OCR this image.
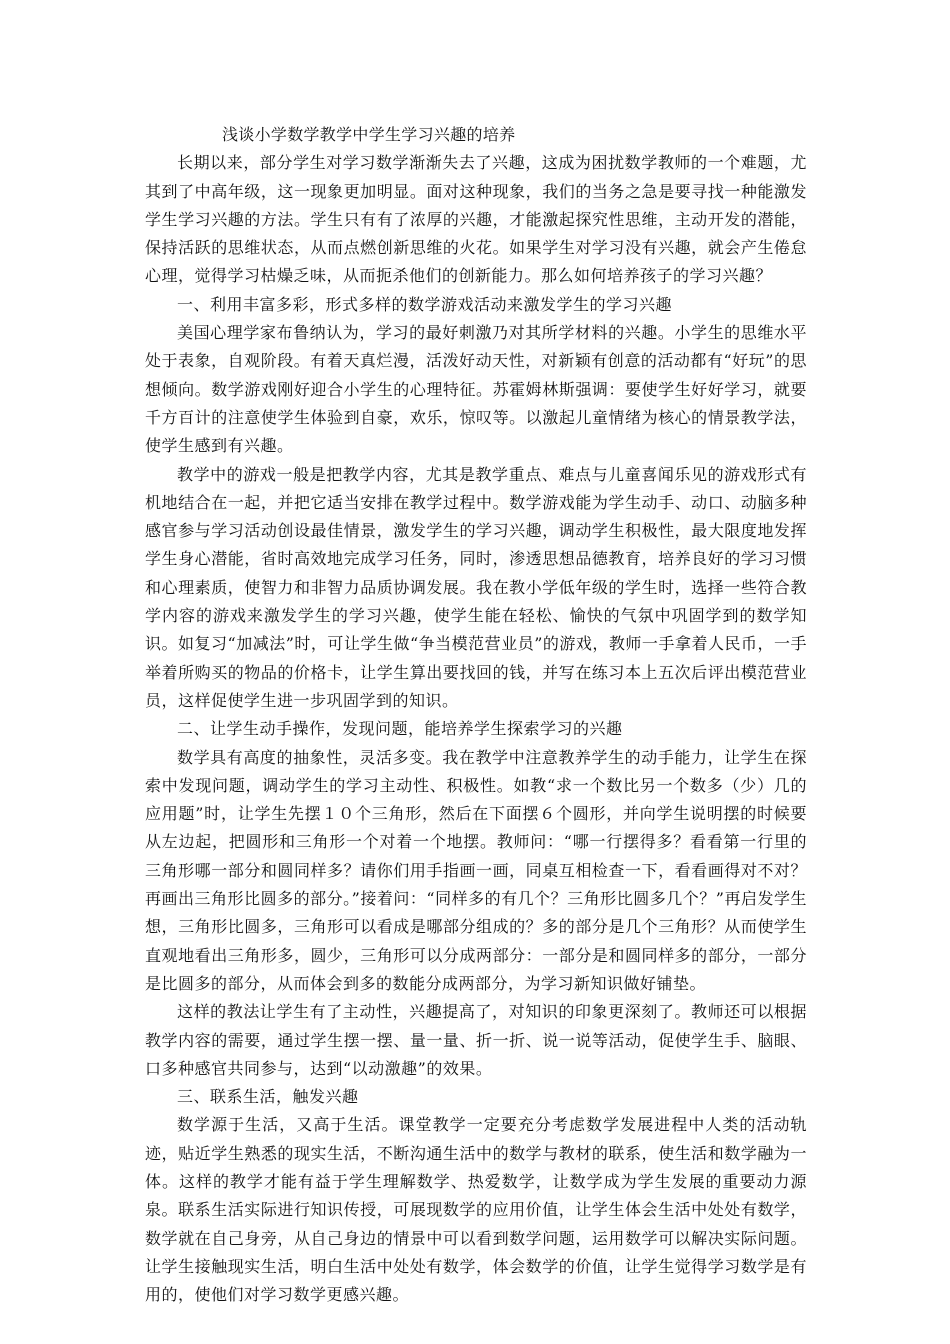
浅谈小学数学教学中学生学习兴趣的培养

长期以来，部分学生对学习数学渐渐失去了兴趣，这成为困扰数学教师的一个难题，尤其到了中高年级，这一现象更加明显。面对这种现象，我们的当务之急是要寻找一种能激发学生学习兴趣的方法。学生只有有了浓厚的兴趣，才能激起探究性思维，主动开发的潜能，保持活跃的思维状态，从而点燃创新思维的火花。如果学生对学习没有兴趣，就会产生倦怠心理，觉得学习枯燥乏味，从而扼杀他们的创新能力。那么如何培养孩子的学习兴趣？

一、利用丰富多彩，形式多样的数学游戏活动来激发学生的学习兴趣

美国心理学家布鲁纳认为，学习的最好刺激乃对其所学材料的兴趣。小学生的思维水平处于表象，自观阶段。有着天真烂漫，活泼好动天性，对新颖有创意的活动都有“好玩”的思想倾向。数学游戏刚好迎合小学生的心理特征。苏霍姆林斯强调：要使学生好好学习，就要千方百计的注意使学生体验到自豪，欢乐，惊叹等。以激起儿童情绪为核心的情景教学法，使学生感到有兴趣。

教学中的游戏一般是把教学内容，尤其是教学重点、难点与儿童喜闻乐见的游戏形式有机地结合在一起，并把它适当安排在教学过程中。数学游戏能为学生动手、动口、动脑多种感官参与学习活动创设最佳情景，激发学生的学习兴趣，调动学生积极性，最大限度地发挥学生身心潜能，省时高效地完成学习任务，同时，渗透思想品德教育，培养良好的学习习惯和心理素质，使智力和非智力品质协调发展。我在教小学低年级的学生时，选择一些符合教学内容的游戏来激发学生的学习兴趣，使学生能在轻松、愉快的气氛中巩固学到的数学知识。如复习“加减法”时，可让学生做“争当模范营业员”的游戏，教师一手拿着人民币，一手举着所购买的物品的价格卡，让学生算出要找回的钱，并写在练习本上五次后评出模范营业员，这样促使学生进一步巩固学到的知识。

二、让学生动手操作，发现问题，能培养学生探索学习的兴趣

数学具有高度的抽象性，灵活多变。我在教学中注意教养学生的动手能力，让学生在探索中发现问题，调动学生的学习主动性、积极性。如教“求一个数比另一个数多（少）几的应用题”时，让学生先摆１０个三角形，然后在下面摆６个圆形，并向学生说明摆的时候要从左边起，把圆形和三角形一个对着一个地摆。教师问：“哪一行摆得多？看看第一行里的三角形哪一部分和圆同样多？请你们用手指画一画，同桌互相检查一下，看看画得对不对？再画出三角形比圆多的部分。”接着问：“同样多的有几个？三角形比圆多几个？”再启发学生想，三角形比圆多，三角形可以看成是哪部分组成的？多的部分是几个三角形？从而使学生直观地看出三角形多，圆少，三角形可以分成两部分：一部分是和圆同样多的部分，一部分是比圆多的部分，从而体会到多的数能分成两部分，为学习新知识做好铺垫。

这样的教法让学生有了主动性，兴趣提高了，对知识的印象更深刻了。教师还可以根据教学内容的需要，通过学生摆一摆、量一量、折一折、说一说等活动，促使学生手、脑眼、口多种感官共同参与，达到“以动激趣”的效果。

三、联系生活，触发兴趣

数学源于生活，又高于生活。课堂教学一定要充分考虑数学发展进程中人类的活动轨迹，贴近学生熟悉的现实生活，不断沟通生活中的数学与教材的联系，使生活和数学融为一体。这样的教学才能有益于学生理解数学、热爱数学，让数学成为学生发展的重要动力源泉。联系生活实际进行知识传授，可展现数学的应用价值，让学生体会生活中处处有数学，数学就在自己身旁，从自己身边的情景中可以看到数学问题，运用数学可以解决实际问题。让学生接触现实生活，明白生活中处处有数学，体会数学的价值，让学生觉得学习数学是有用的，使他们对学习数学更感兴趣。
